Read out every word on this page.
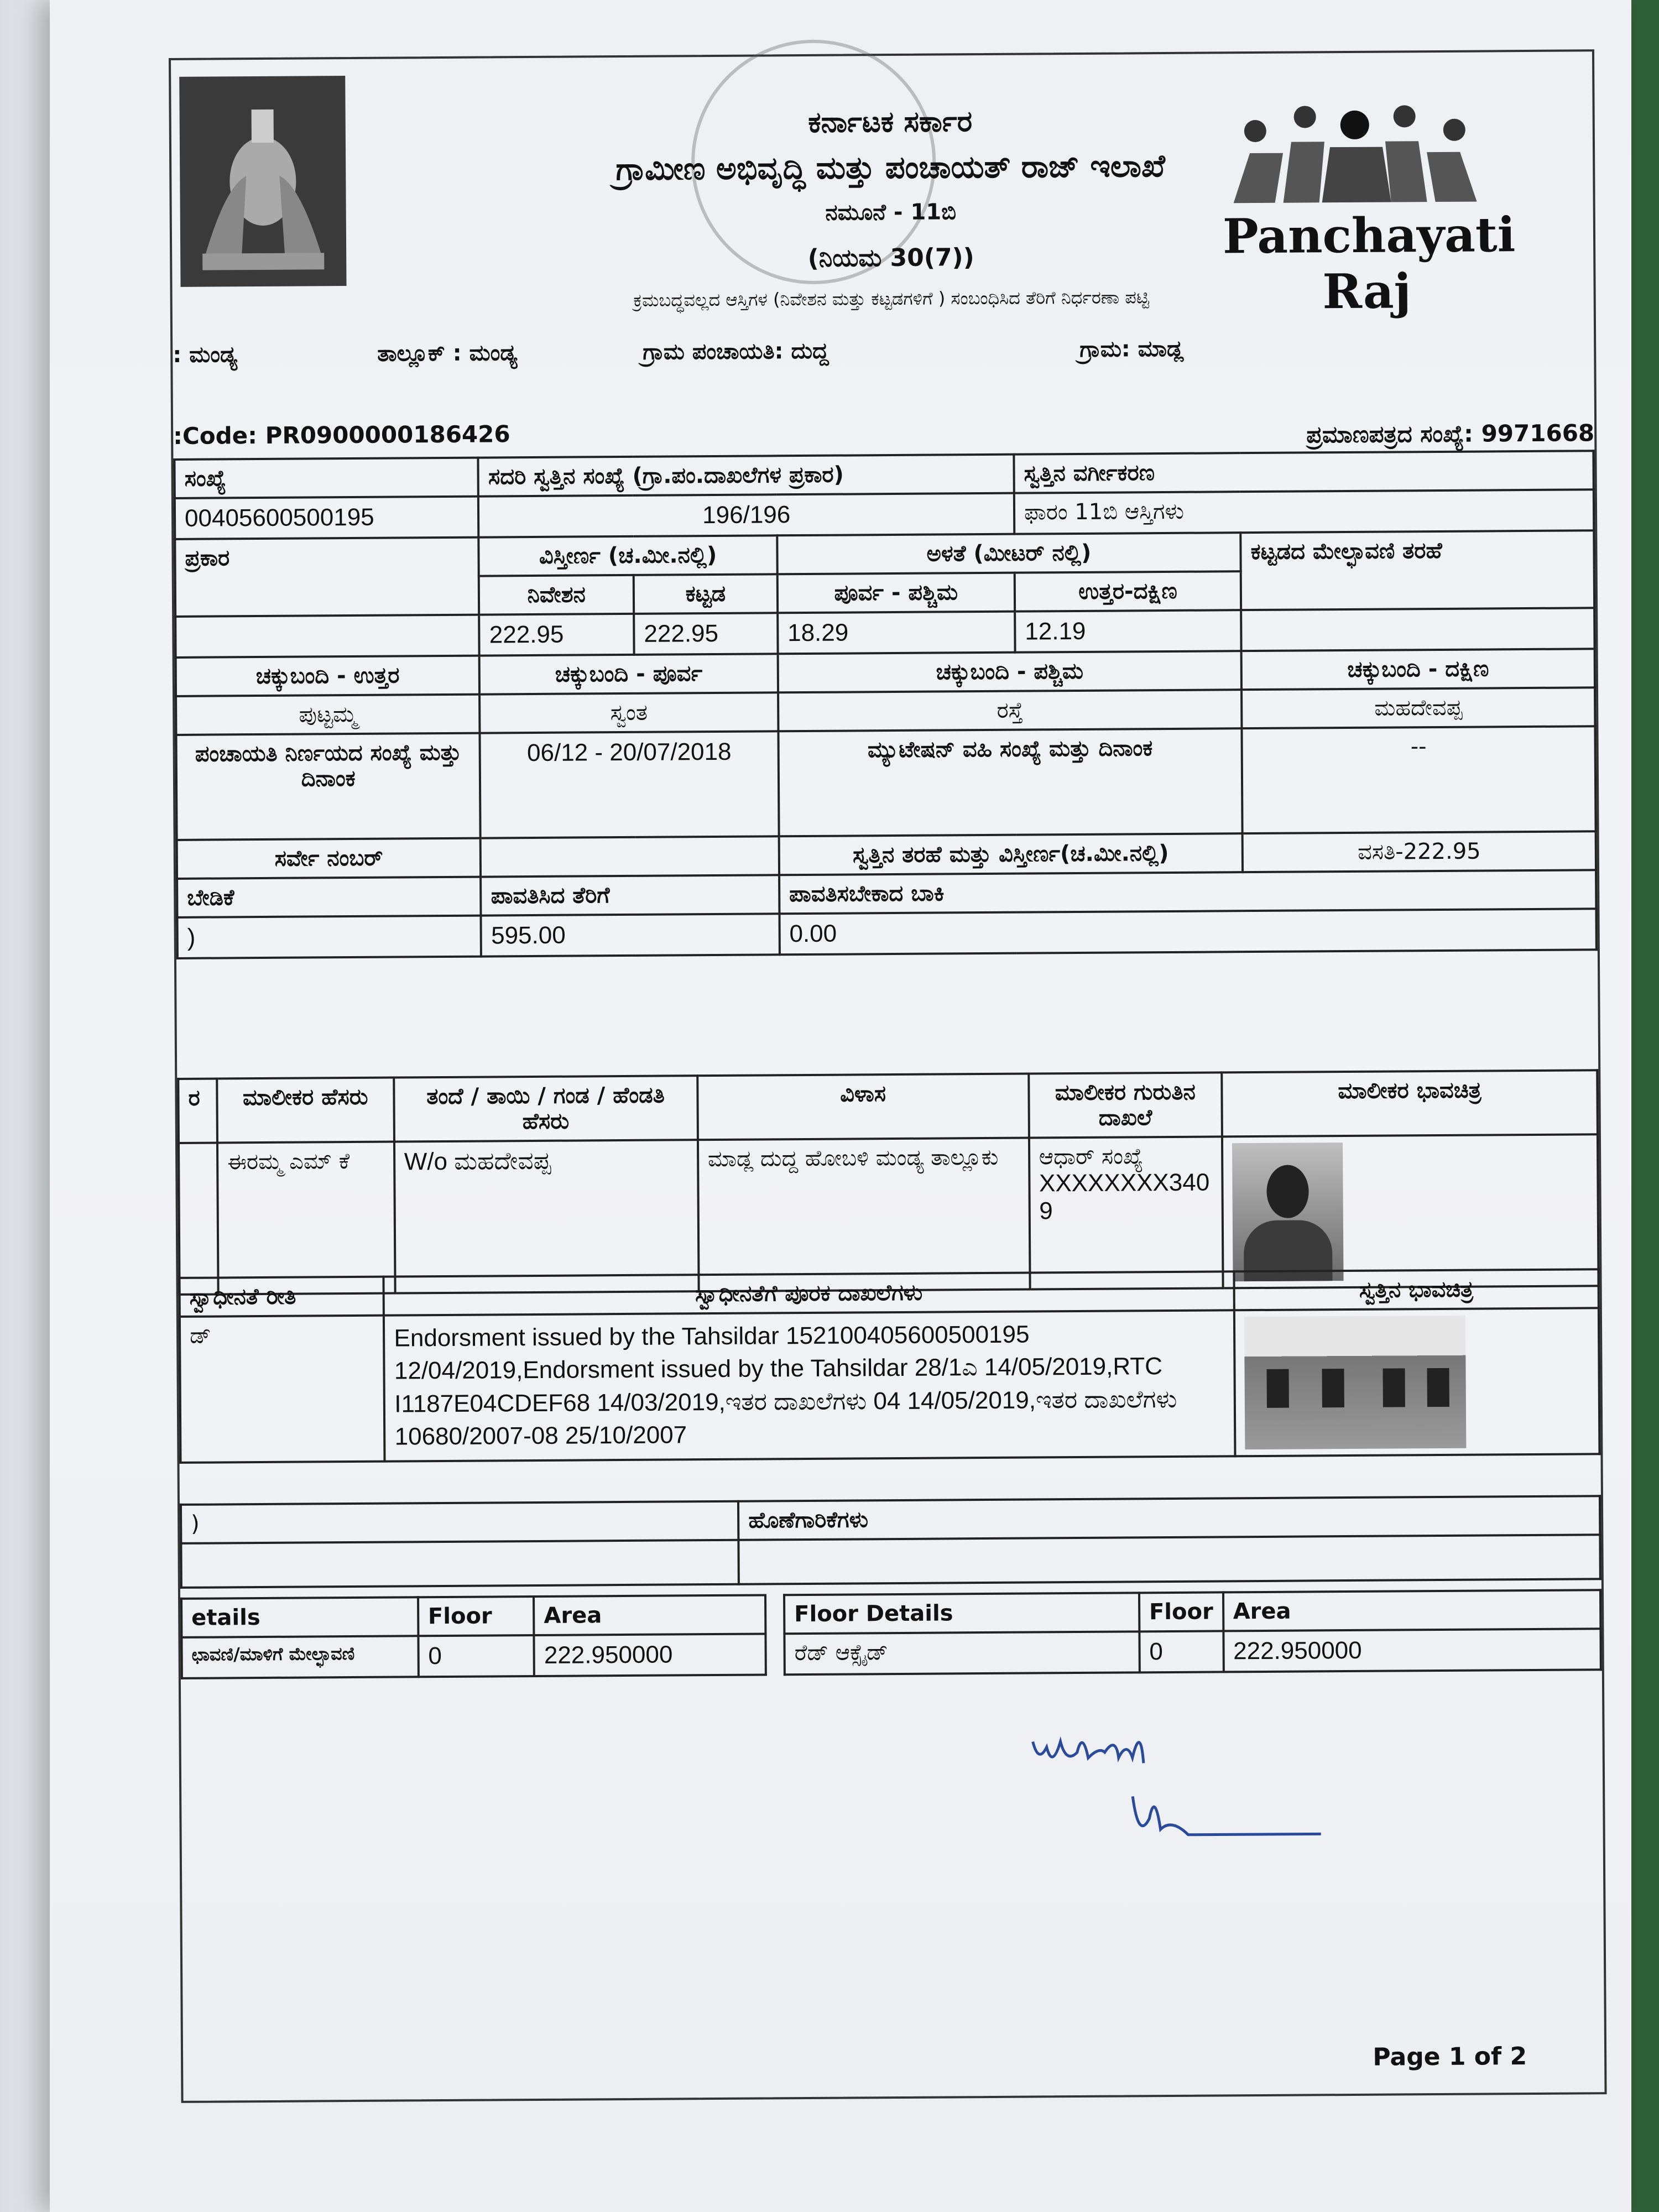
ಕರ್ನಾಟಕ ಸರ್ಕಾರ
ಗ್ರಾಮೀಣ ಅಭಿವೃದ್ಧಿ ಮತ್ತು ಪಂಚಾಯತ್ ರಾಜ್ ಇಲಾಖೆ
ನಮೂನೆ - 11ಬಿ
(ನಿಯಮ 30(7))
ಕ್ರಮಬದ್ಧವಲ್ಲದ ಆಸ್ತಿಗಳ (ನಿವೇಶನ ಮತ್ತು ಕಟ್ಟಡಗಳಿಗೆ ) ಸಂಬಂಧಿಸಿದ ತೆರಿಗೆ ನಿರ್ಧರಣಾ ಪಟ್ಟಿ
Panchayati Raj
: ಮಂಡ್ಯ	ತಾಲ್ಲೂಕ್ : ಮಂಡ್ಯ	ಗ್ರಾಮ ಪಂಚಾಯತಿ: ದುದ್ದ	ಗ್ರಾಮ: ಮಾಡ್ಲ
:Code: PR0900000186426	ಪ್ರಮಾಣಪತ್ರದ ಸಂಖ್ಯೆ: 9971668
ಸಂಖ್ಯೆ	ಸದರಿ ಸ್ವತ್ತಿನ ಸಂಖ್ಯೆ (ಗ್ರಾ.ಪಂ.ದಾಖಲೆಗಳ ಪ್ರಕಾರ)			ಸ್ವತ್ತಿನ ವರ್ಗೀಕರಣ	
00405600500195	196/196			ಫಾರಂ 11ಬಿ ಆಸ್ತಿಗಳು	
ಪ್ರಕಾರ	ವಿಸ್ತೀರ್ಣ (ಚ.ಮೀ.ನಲ್ಲಿ)		ಅಳತೆ (ಮೀಟರ್ ನಲ್ಲಿ)		ಕಟ್ಟಡದ ಮೇಲ್ಛಾವಣಿ ತರಹೆ
	ನಿವೇಶನ	ಕಟ್ಟಡ	ಪೂರ್ವ - ಪಶ್ಚಿಮ	ಉತ್ತರ-ದಕ್ಷಿಣ	
	222.95	222.95	18.29	12.19	
ಚಕ್ಕುಬಂದಿ - ಉತ್ತರ	ಚಕ್ಕುಬಂದಿ - ಪೂರ್ವ		ಚಕ್ಕುಬಂದಿ - ಪಶ್ಚಿಮ		ಚಕ್ಕುಬಂದಿ - ದಕ್ಷಿಣ
ಪುಟ್ಟಮ್ಮ	ಸ್ವಂತ		ರಸ್ತೆ		ಮಹದೇವಪ್ಪ
ಪಂಚಾಯತಿ ನಿರ್ಣಯದ ಸಂಖ್ಯೆ ಮತ್ತು ದಿನಾಂಕ	06/12 - 20/07/2018		ಮ್ಯುಟೇಷನ್ ವಹಿ ಸಂಖ್ಯೆ ಮತ್ತು ದಿನಾಂಕ		--
ಸರ್ವೇ ನಂಬರ್			ಸ್ವತ್ತಿನ ತರಹೆ ಮತ್ತು ವಿಸ್ತೀರ್ಣ(ಚ.ಮೀ.ನಲ್ಲಿ)		ವಸತಿ-222.95
ಬೇಡಿಕೆ	ಪಾವತಿಸಿದ ತೆರಿಗೆ		ಪಾವತಿಸಬೇಕಾದ ಬಾಕಿ		
)	595.00		0.00		
ರ	ಮಾಲೀಕರ ಹೆಸರು	ತಂದೆ / ತಾಯಿ / ಗಂಡ / ಹೆಂಡತಿ ಹೆಸರು	ವಿಳಾಸ	ಮಾಲೀಕರ ಗುರುತಿನ ದಾಖಲೆ	ಮಾಲೀಕರ ಭಾವಚಿತ್ರ
	ಈರಮ್ಮ ಎಮ್ ಕೆ	W/o ಮಹದೇವಪ್ಪ	ಮಾಡ್ಲ ದುದ್ದ ಹೋಬಳಿ ಮಂಡ್ಯ ತಾಲ್ಲೂಕು	ಆಧಾರ್ ಸಂಖ್ಯೆ
XXXXXXXX3409	

ಸ್ವಾಧೀನತೆ ರೀತಿ	ಸ್ವಾಧೀನತೆಗೆ ಪೂರಕ ದಾಖಲೆಗಳು	ಸ್ವತ್ತಿನ ಭಾವಚಿತ್ರ
ಡ್	Endorsment issued by the Tahsildar 152100405600500195 12/04/2019,Endorsment issued by the Tahsildar 28/1ಎ 14/05/2019,RTC I1187E04CDEF68 14/03/2019,ಇತರ ದಾಖಲೆಗಳು 04 14/05/2019,ಇತರ ದಾಖಲೆಗಳು 10680/2007-08 25/10/2007	
)	ಹೊಣೆಗಾರಿಕೆಗಳು

etails	Floor	Area
ಛಾವಣಿ/ಮಾಳಿಗೆ ಮೇಲ್ಛಾವಣಿ	0	222.950000
Floor Details	Floor	Area
ರೆಡ್ ಆಕ್ಸೈಡ್	0	222.950000
Page 1 of 2
